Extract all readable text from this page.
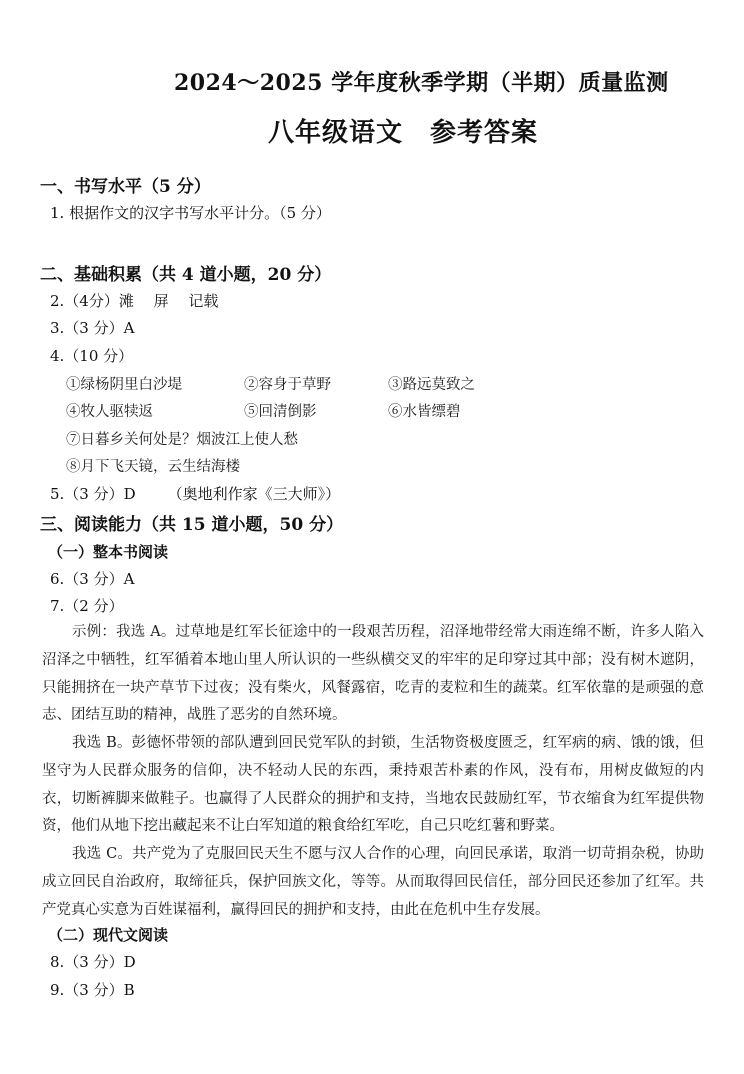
2024～2025 学年度秋季学期（半期）质量监测
八年级语文　参考答案
一、书写水平（5 分）
1. 根据作文的汉字书写水平计分。（5 分）
二、基础积累（共 4 道小题，20 分）
2.（4分）滩　 屏　 记载
3.（3 分）A
4.（10 分）
①绿杨阴里白沙堤	②容身于草野	③路远莫致之
④牧人驱犊返	⑤回清倒影	⑥水皆缥碧
⑦日暮乡关何处是？烟波江上使人愁
⑧月下飞天镜，云生结海楼
5.（3 分）D （奥地利作家《三大师》）
三、阅读能力（共 15 道小题，50 分）
（一）整本书阅读
6.（3 分）A
7.（2 分）
示例：我选 A。过草地是红军长征途中的一段艰苦历程，沼泽地带经常大雨连绵不断，许多人陷入沼泽之中牺牲，红军循着本地山里人所认识的一些纵横交叉的牢牢的足印穿过其中部；没有树木遮阴，只能拥挤在一块产草节下过夜；没有柴火，风餐露宿，吃青的麦粒和生的蔬菜。红军依靠的是顽强的意志、团结互助的精神，战胜了恶劣的自然环境。
我选 B。彭德怀带领的部队遭到回民党军队的封锁，生活物资极度匮乏，红军病的病、饿的饿，但坚守为人民群众服务的信仰，决不轻动人民的东西，秉持艰苦朴素的作风，没有布，用树皮做短的内衣，切断裤脚来做鞋子。也赢得了人民群众的拥护和支持，当地农民鼓励红军，节衣缩食为红军提供物资，他们从地下挖出藏起来不让白军知道的粮食给红军吃，自己只吃红薯和野菜。
我选 C。共产党为了克服回民天生不愿与汉人合作的心理，向回民承诺，取消一切苛捐杂税，协助成立回民自治政府，取缔征兵，保护回族文化，等等。从而取得回民信任，部分回民还参加了红军。共产党真心实意为百姓谋福利，赢得回民的拥护和支持，由此在危机中生存发展。
（二）现代文阅读
8.（3 分）D
9.（3 分）B
